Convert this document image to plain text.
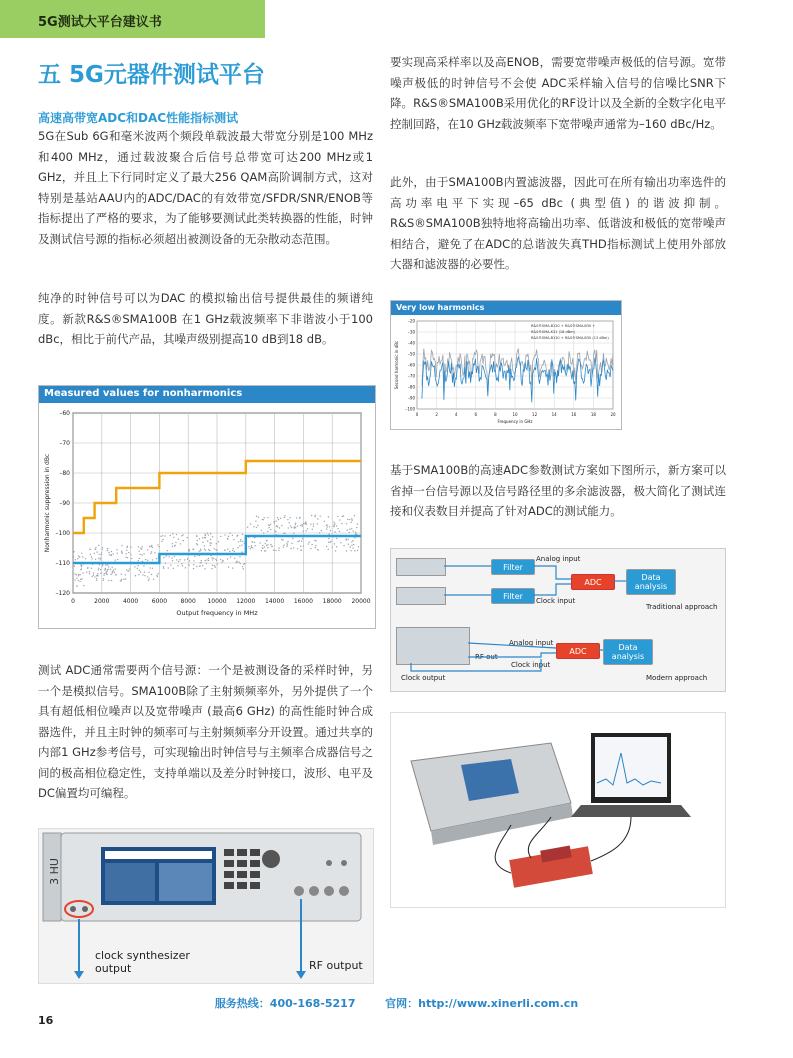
5G测试大平台建议书
五 5G元器件测试平台
高速高带宽ADC和DAC性能指标测试
5G在Sub 6G和毫米波两个频段单载波最大带宽分别是100 MHz和400 MHz，通过载波聚合后信号总带宽可达200 MHz或1 GHz，并且上下行同时定义了最大256 QAM高阶调制方式，这对特别是基站AAU内的ADC/DAC的有效带宽/SFDR/SNR/ENOB等指标提出了严格的要求，为了能够要测试此类转换器的性能，时钟及测试信号源的指标必须超出被测设备的无杂散动态范围。
纯净的时钟信号可以为DAC 的模拟输出信号提供最佳的频谱纯度。新款R&S®SMA100B 在1 GHz载波频率下非谐波小于100 dBc，相比于前代产品，其噪声级别提高10 dB到18 dB。
Measured values for nonharmonics
0	2000 4000 6000 8000 10000 12000 14000 16000 18000 20000
–60
–70
–80
–90
–100
–110
–120
Output frequency in MHz
Nonharmonic suppression in dBc
测试 ADC通常需要两个信号源：一个是被测设备的采样时钟，另一个是模拟信号。SMA100B除了主射频频率外，另外提供了一个具有超低相位噪声以及宽带噪声 (最高6 GHz) 的高性能时钟合成器选件，并且主时钟的频率可与主射频频率分开设置。通过共享的内部1 GHz参考信号，可实现输出时钟信号与主频率合成器信号之间的极高相位稳定性，支持单端以及差分时钟接口，波形、电平及DC偏置均可编程。
3 HU
clock synthesizer output	RF output
要实现高采样率以及高ENOB，需要宽带噪声极低的信号源。宽带噪声极低的时钟信号不会使 ADC采样输入信号的信噪比SNR下降。R&S®SMA100B采用优化的RF设计以及全新的全数字化电平控制回路，在10 GHz载波频率下宽带噪声通常为–160 dBc/Hz。
此外，由于SMA100B内置滤波器，因此可在所有输出功率选件的高功率电平下实现–65 dBc (典型值) 的谐波抑制。R&S®SMA100B独特地将高输出功率、低谐波和极低的宽带噪声相结合，避免了在ADC的总谐波失真THD指标测试上使用外部放大器和滤波器的必要性。
Very low harmonics
0	2	4	6	8	10	12	14	16	18	20
–20
–30
–40
–50
–60
–70
–80
–90
–100
R&S®SMA-B120 + R&S®SMA-B30 +
R&S®SMA-K31 (18 dBm)
R&S®SMA-B120 + R&S®SMA-B30 (13 dBm)
Frequency in GHz
Second harmonic in dBc
基于SMA100B的高速ADC参数测试方案如下图所示，新方案可以省掉一台信号源以及信号路径里的多余滤波器，极大简化了测试连接和仪表数目并提高了针对ADC的测试能力。
Filter
Filter
ADC	Data analysis
Analog input
Clock input
Traditional approach
RF out
Analog input
Clock input
ADC	Data analysis
Clock output	Modern approach
服务热线：400-168-5217	官网：http://www.xinerli.com.cn
16
